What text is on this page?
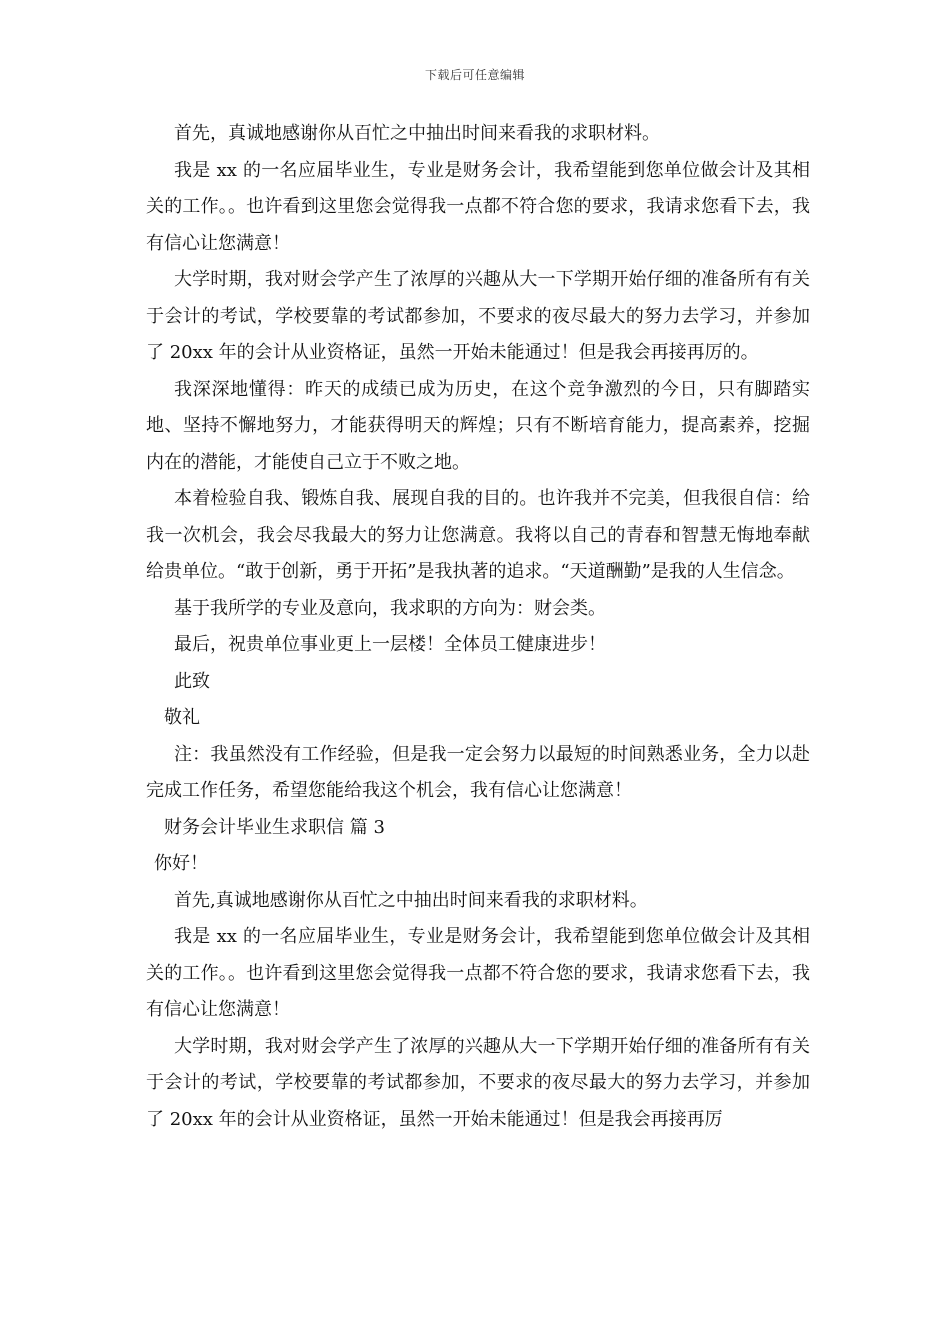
下载后可任意编辑

首先，真诚地感谢你从百忙之中抽出时间来看我的求职材料。

我是 xx 的一名应届毕业生，专业是财务会计，我希望能到您单位做会计及其相关的工作。。也许看到这里您会觉得我一点都不符合您的要求，我请求您看下去，我有信心让您满意！

大学时期，我对财会学产生了浓厚的兴趣从大一下学期开始仔细的准备所有有关于会计的考试，学校要靠的考试都参加，不要求的夜尽最大的努力去学习，并参加了 20xx 年的会计从业资格证，虽然一开始未能通过！但是我会再接再厉的。

我深深地懂得：昨天的成绩已成为历史，在这个竞争激烈的今日，只有脚踏实地、坚持不懈地努力，才能获得明天的辉煌；只有不断培育能力，提高素养，挖掘内在的潜能，才能使自己立于不败之地。

本着检验自我、锻炼自我、展现自我的目的。也许我并不完美，但我很自信：给我一次机会，我会尽我最大的努力让您满意。我将以自己的青春和智慧无悔地奉献给贵单位。“敢于创新，勇于开拓”是我执著的追求。“天道酬勤”是我的人生信念。

基于我所学的专业及意向，我求职的方向为：财会类。

最后，祝贵单位事业更上一层楼！全体员工健康进步！

此致

敬礼

注：我虽然没有工作经验，但是我一定会努力以最短的时间熟悉业务，全力以赴完成工作任务，希望您能给我这个机会，我有信心让您满意！

财务会计毕业生求职信 篇 3

你好！

首先,真诚地感谢你从百忙之中抽出时间来看我的求职材料。

我是 xx 的一名应届毕业生，专业是财务会计，我希望能到您单位做会计及其相关的工作。。也许看到这里您会觉得我一点都不符合您的要求，我请求您看下去，我有信心让您满意！

大学时期，我对财会学产生了浓厚的兴趣从大一下学期开始仔细的准备所有有关于会计的考试，学校要靠的考试都参加，不要求的夜尽最大的努力去学习，并参加了 20xx 年的会计从业资格证，虽然一开始未能通过！但是我会再接再厉
